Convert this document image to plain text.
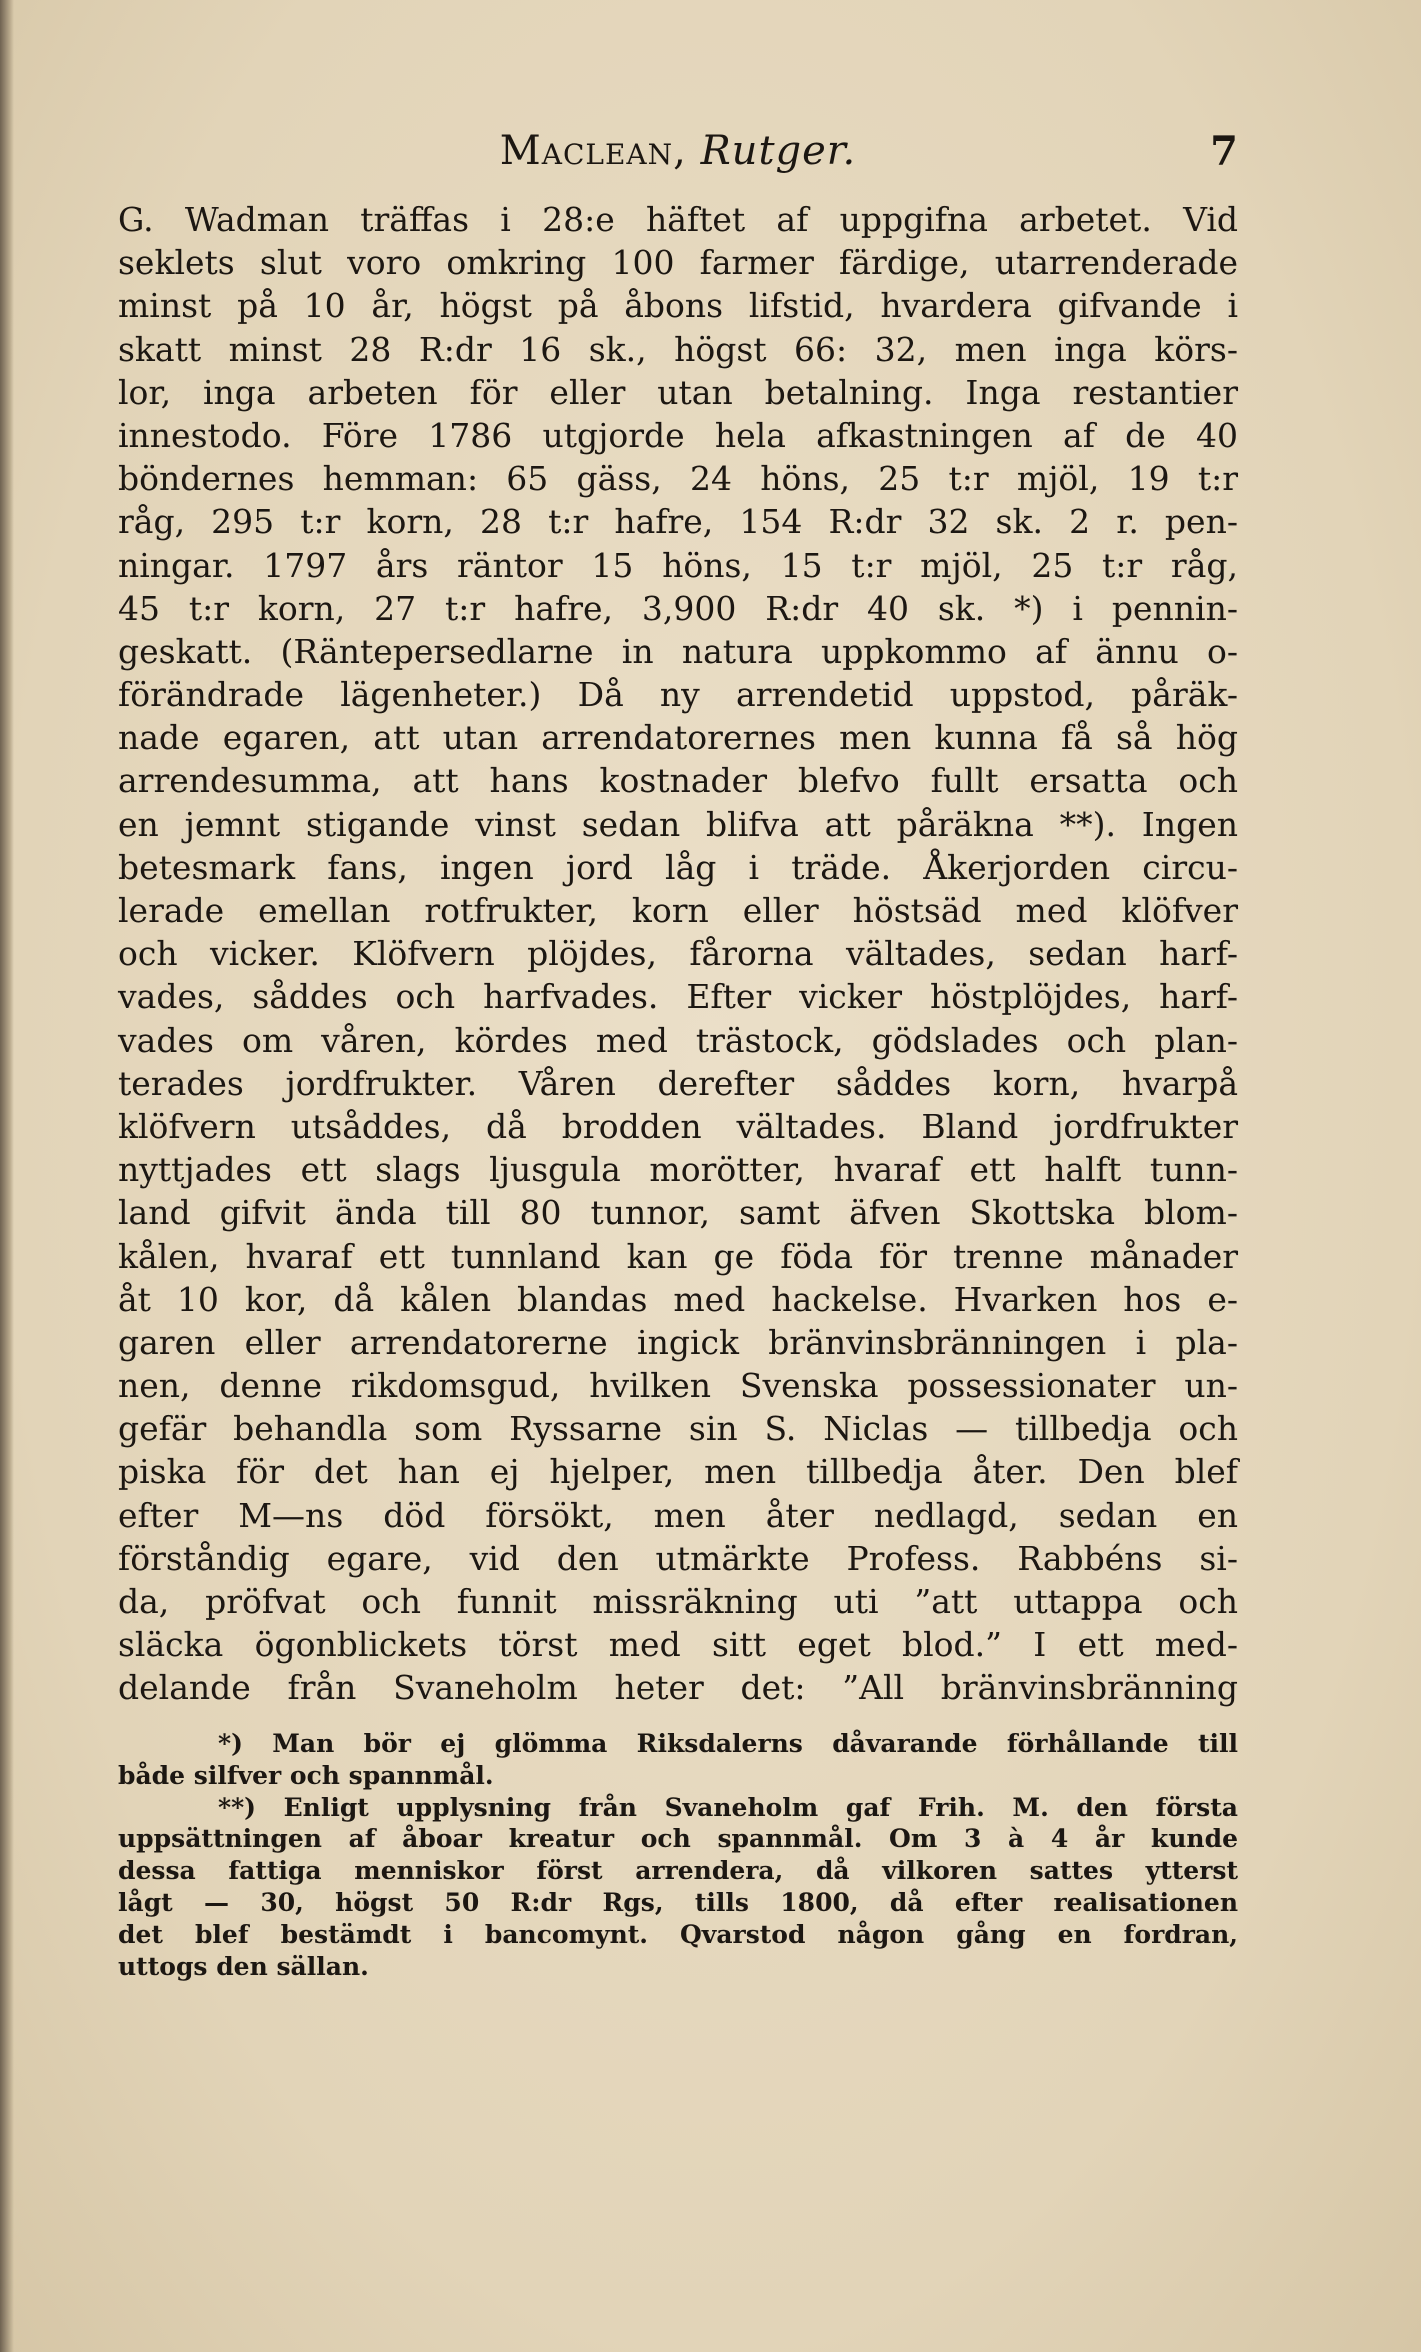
Maclean, Rutger.	7
G. Wadman träffas i 28:e häftet af uppgifna arbetet. Vid
seklets slut voro omkring 100 farmer färdige, utarrenderade
minst på 10 år, högst på åbons lifstid, hvardera gifvande i
skatt minst 28 R:dr 16 sk., högst 66: 32, men inga körs-
lor, inga arbeten för eller utan betalning. Inga restantier
innestodo. Före 1786 utgjorde hela afkastningen af de 40
böndernes hemman: 65 gäss, 24 höns, 25 t:r mjöl, 19 t:r
råg, 295 t:r korn, 28 t:r hafre, 154 R:dr 32 sk. 2 r. pen-
ningar. 1797 års räntor 15 höns, 15 t:r mjöl, 25 t:r råg,
45 t:r korn, 27 t:r hafre, 3,900 R:dr 40 sk. *) i pennin-
geskatt. (Räntepersedlarne in natura uppkommo af ännu o-
förändrade lägenheter.) Då ny arrendetid uppstod, påräk-
nade egaren, att utan arrendatorernes men kunna få så hög
arrendesumma, att hans kostnader blefvo fullt ersatta och
en jemnt stigande vinst sedan blifva att påräkna **). Ingen
betesmark fans, ingen jord låg i träde. Åkerjorden circu-
lerade emellan rotfrukter, korn eller höstsäd med klöfver
och vicker. Klöfvern plöjdes, fårorna vältades, sedan harf-
vades, såddes och harfvades. Efter vicker höstplöjdes, harf-
vades om våren, kördes med trästock, gödslades och plan-
terades jordfrukter. Våren derefter såddes korn, hvarpå
klöfvern utsåddes, då brodden vältades. Bland jordfrukter
nyttjades ett slags ljusgula morötter, hvaraf ett halft tunn-
land gifvit ända till 80 tunnor, samt äfven Skottska blom-
kålen, hvaraf ett tunnland kan ge föda för trenne månader
åt 10 kor, då kålen blandas med hackelse. Hvarken hos e-
garen eller arrendatorerne ingick bränvinsbränningen i pla-
nen, denne rikdomsgud, hvilken Svenska possessionater un-
gefär behandla som Ryssarne sin S. Niclas — tillbedja och
piska för det han ej hjelper, men tillbedja åter. Den blef
efter M—ns död försökt, men åter nedlagd, sedan en
förståndig egare, vid den utmärkte Profess. Rabbéns si-
da, pröfvat och funnit missräkning uti ”att uttappa och
släcka ögonblickets törst med sitt eget blod.” I ett med-
delande från Svaneholm heter det: ”All bränvinsbränning
*) Man bör ej glömma Riksdalerns dåvarande förhållande till
både silfver och spannmål.
**) Enligt upplysning från Svaneholm gaf Frih. M. den första
uppsättningen af åboar kreatur och spannmål. Om 3 à 4 år kunde
dessa fattiga menniskor först arrendera, då vilkoren sattes ytterst
lågt — 30, högst 50 R:dr Rgs, tills 1800, då efter realisationen
det blef bestämdt i bancomynt. Qvarstod någon gång en fordran,
uttogs den sällan.
